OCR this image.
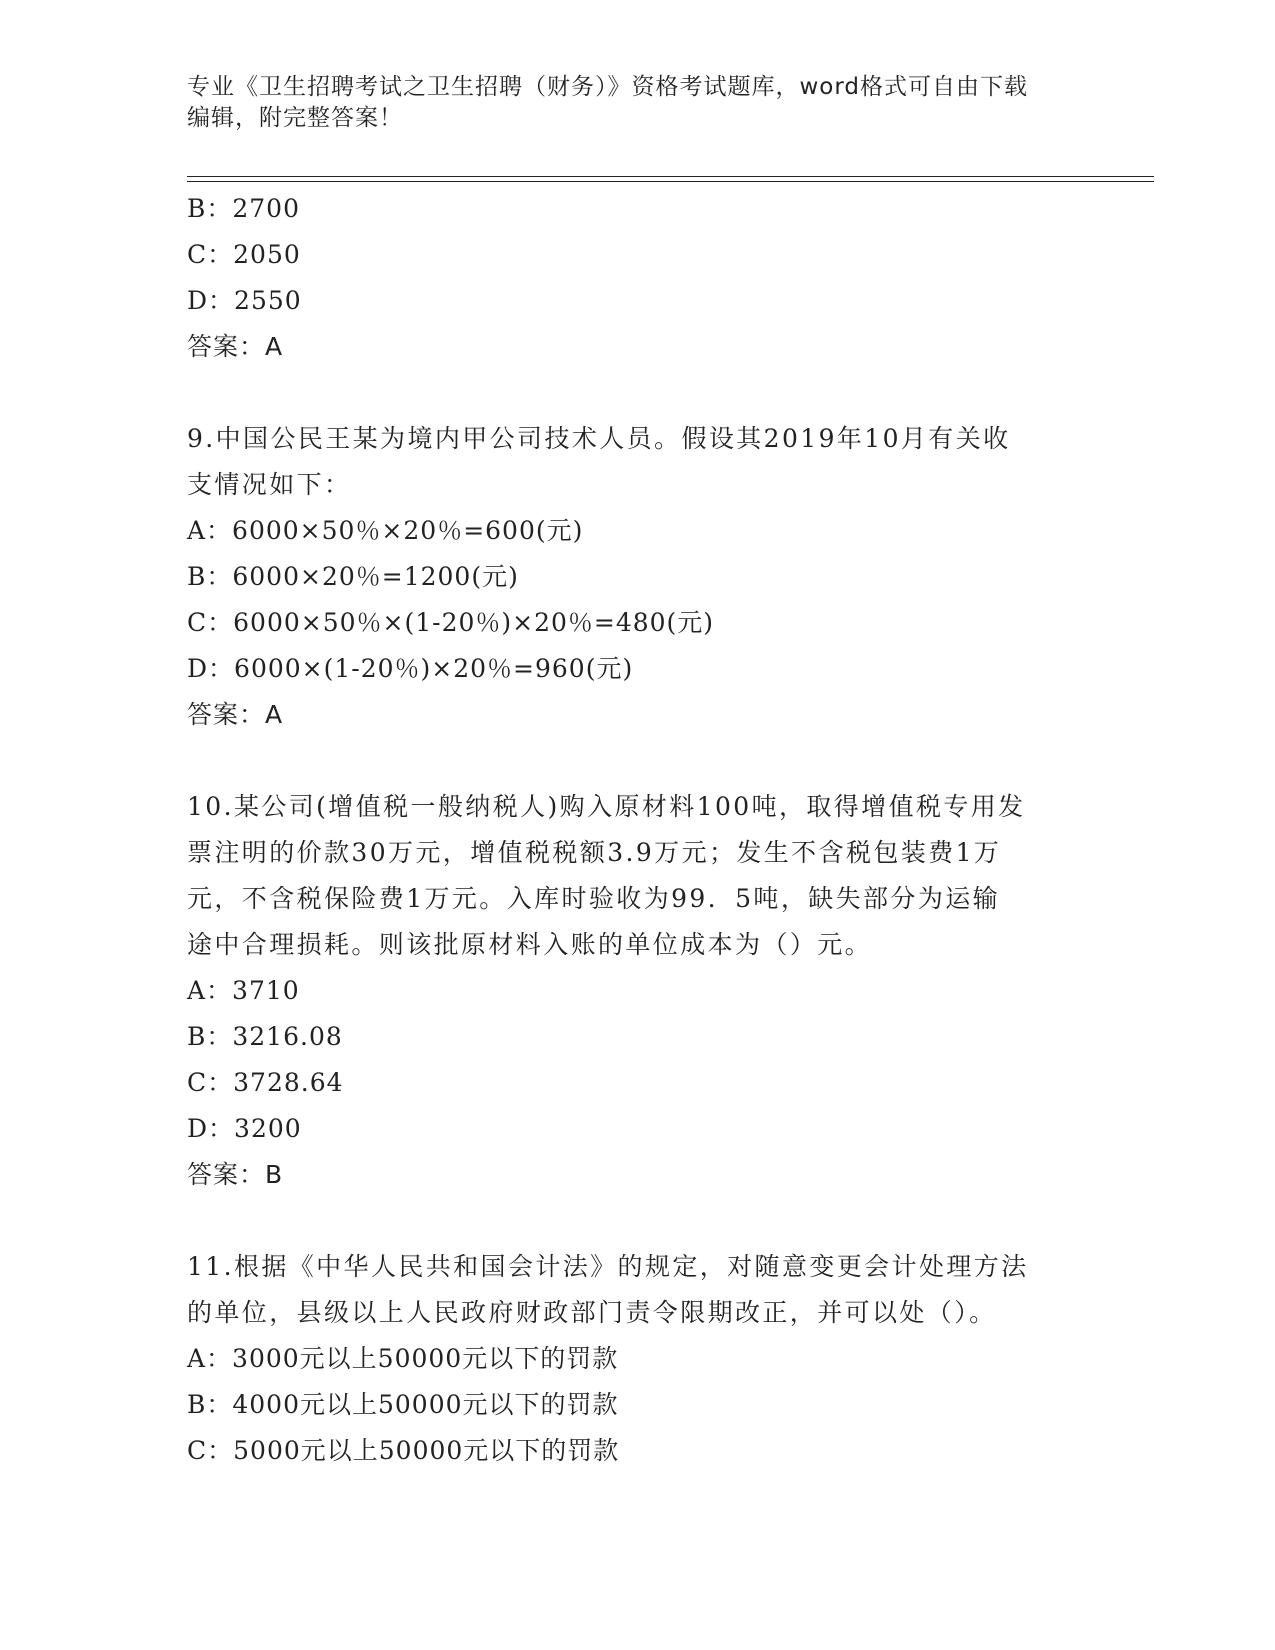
专业《卫生招聘考试之卫生招聘（财务）》资格考试题库，word格式可自由下载
编辑，附完整答案！
B：2700
C：2050
D：2550
答案：A
9.中国公民王某为境内甲公司技术人员。假设其2019年10月有关收
支情况如下：
A：6000×50％×20％=600(元)
B：6000×20％=1200(元)
C：6000×50％×(1-20％)×20％=480(元)
D：6000×(1-20％)×20％=960(元)
答案：A
10.某公司(增值税一般纳税人)购入原材料100吨，取得增值税专用发
票注明的价款30万元，增值税税额3.9万元；发生不含税包装费1万
元，不含税保险费1万元。入库时验收为99．5吨，缺失部分为运输
途中合理损耗。则该批原材料入账的单位成本为（）元。
A：3710
B：3216.08
C：3728.64
D：3200
答案：B
11.根据《中华人民共和国会计法》的规定，对随意变更会计处理方法
的单位，县级以上人民政府财政部门责令限期改正，并可以处（）。
A：3000元以上50000元以下的罚款
B：4000元以上50000元以下的罚款
C：5000元以上50000元以下的罚款
